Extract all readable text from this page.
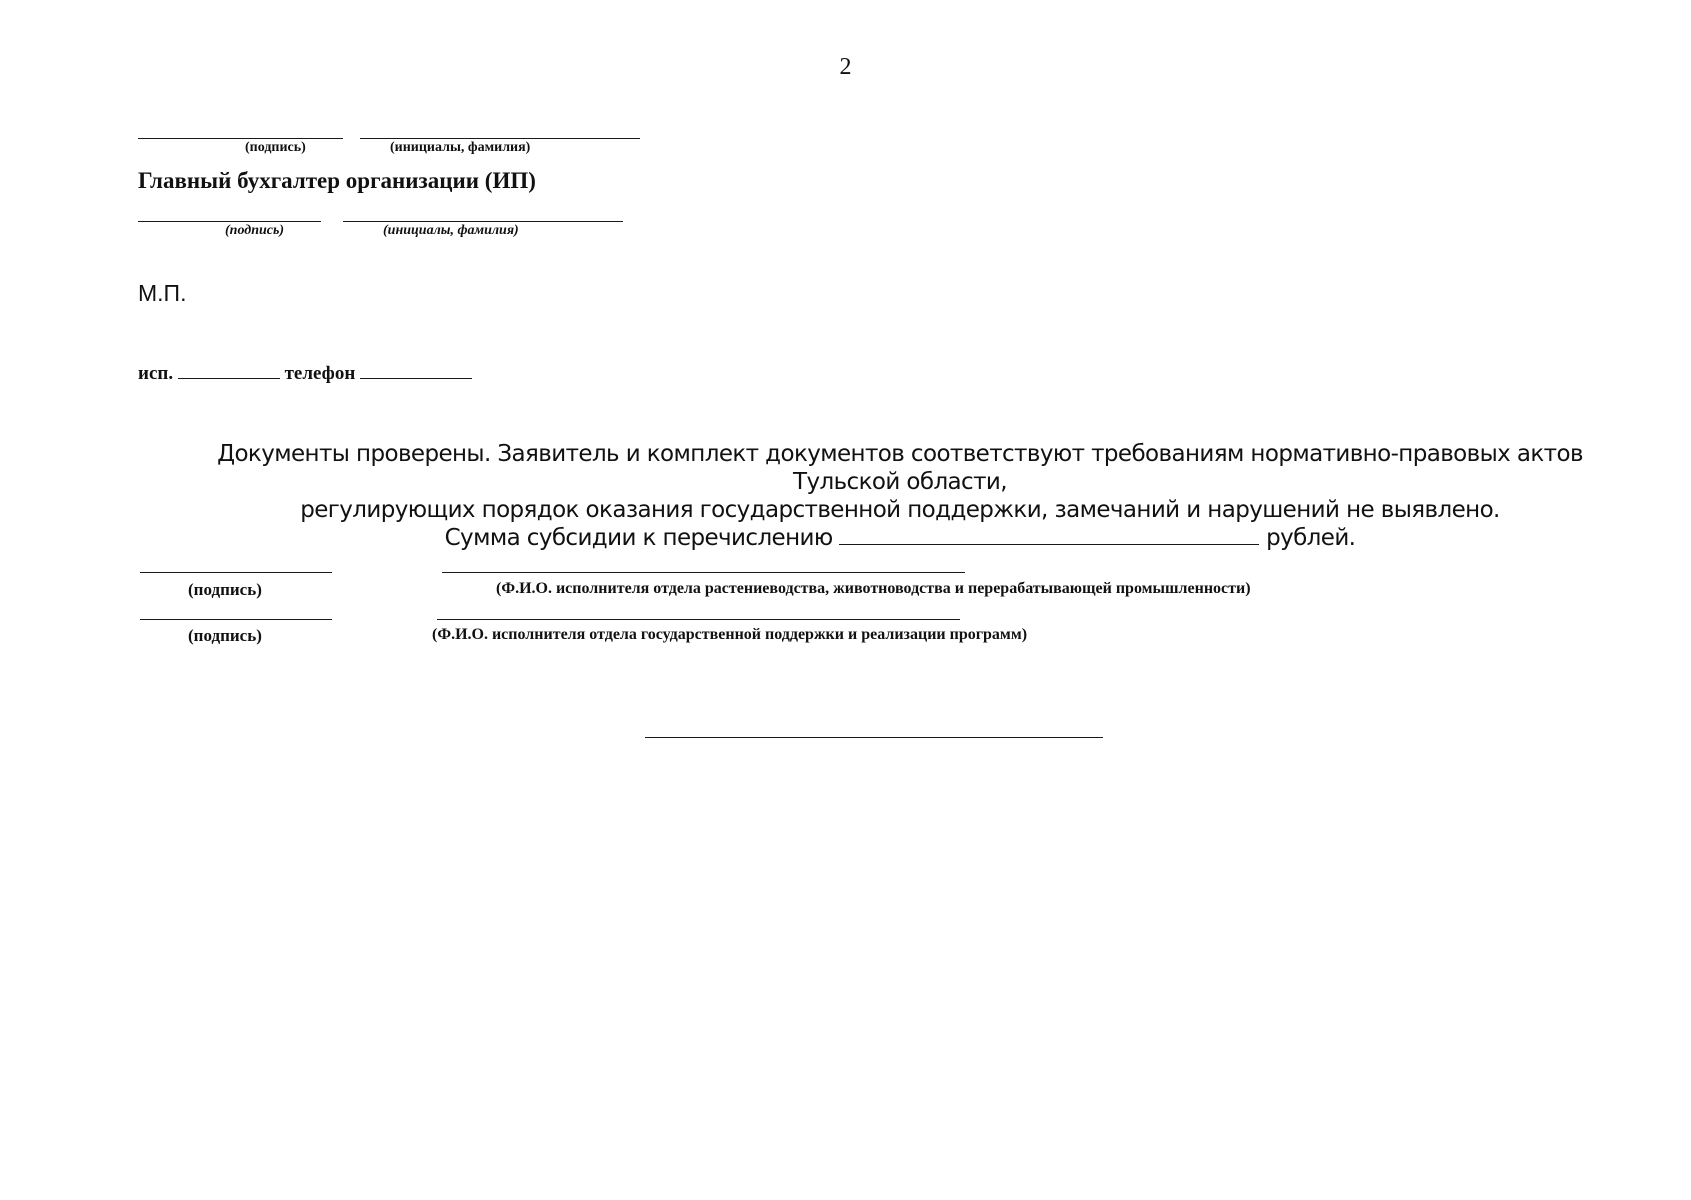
2
(подпись)	(инициалы, фамилия)
Главный бухгалтер организации (ИП)
(подпись)	(инициалы, фамилия)
М.П.
исп.	телефон
Документы проверены. Заявитель и комплект документов соответствуют требованиям нормативно-правовых актов Тульской области,
регулирующих порядок оказания государственной поддержки, замечаний и нарушений не выявлено.
Сумма субсидии к перечислению	рублей.
(подпись)	(Ф.И.О. исполнителя отдела растениеводства, животноводства и перерабатывающей промышленности)
(подпись)	(Ф.И.О. исполнителя отдела государственной поддержки и реализации программ)
